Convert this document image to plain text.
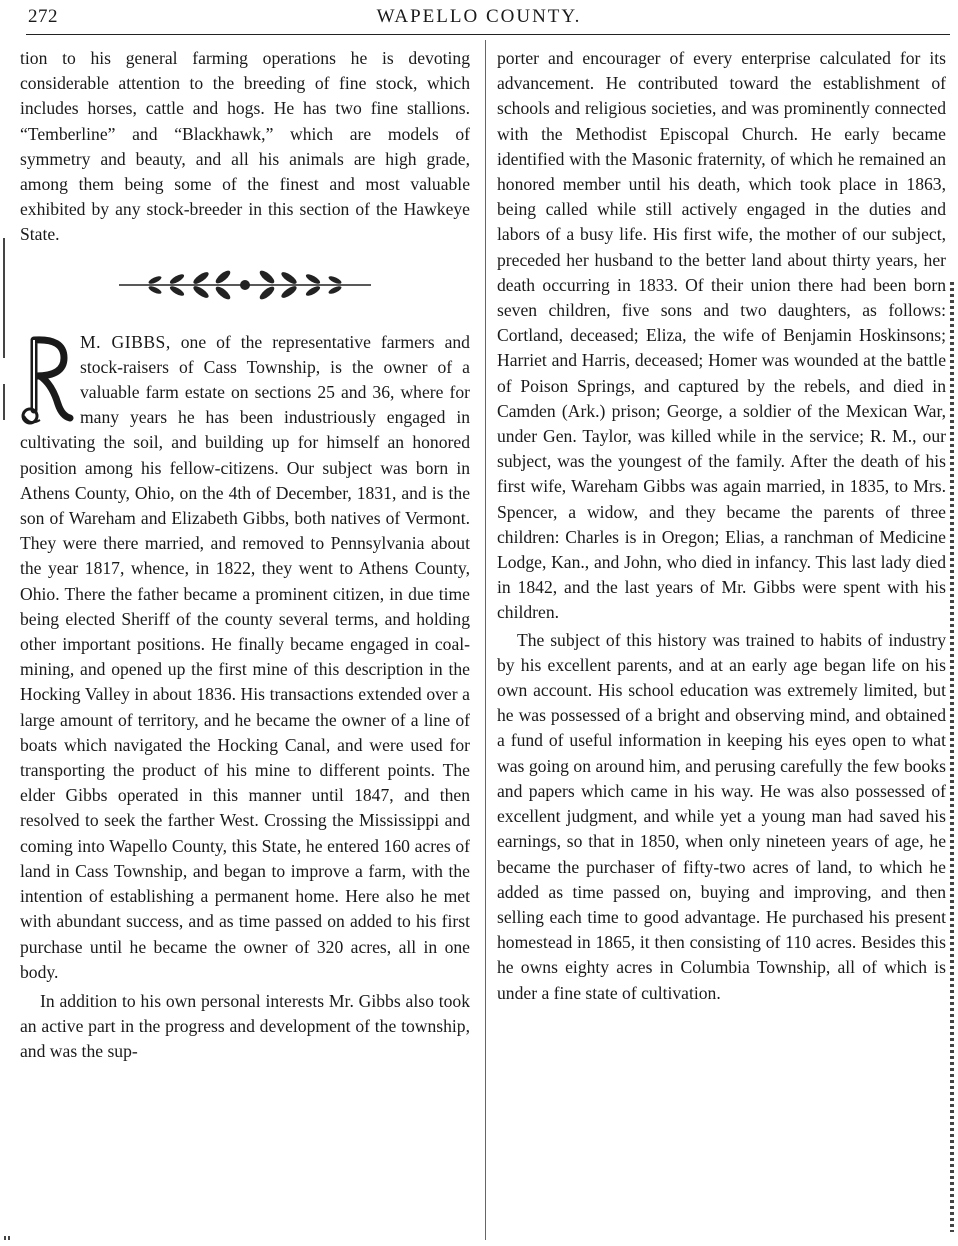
272	WAPELLO COUNTY.

tion to his general farming operations he is devoting considerable attention to the breeding of fine stock, which includes horses, cattle and hogs. He has two fine stallions. “Temberline” and “Blackhawk,” which are models of symmetry and beauty, and all his animals are high grade, among them being some of the finest and most valuable exhibited by any stock-breeder in this section of the Hawkeye State.

M. GIBBS, one of the representative farmers and stock-raisers of Cass Township, is the owner of a valuable farm estate on sections 25 and 36, where for many years he has been industriously engaged in cultivating the soil, and building up for himself an honored position among his fellow-citizens. Our subject was born in Athens County, Ohio, on the 4th of December, 1831, and is the son of Wareham and Elizabeth Gibbs, both natives of Vermont. They were there married, and removed to Pennsylvania about the year 1817, whence, in 1822, they went to Athens County, Ohio. There the father became a prominent citizen, in due time being elected Sheriff of the county several terms, and holding other important positions. He finally became engaged in coal-mining, and opened up the first mine of this description in the Hocking Valley in about 1836. His transactions extended over a large amount of territory, and he became the owner of a line of boats which navigated the Hocking Canal, and were used for transporting the product of his mine to different points. The elder Gibbs operated in this manner until 1847, and then resolved to seek the farther West. Crossing the Mississippi and coming into Wapello County, this State, he entered 160 acres of land in Cass Township, and began to improve a farm, with the intention of establishing a permanent home. Here also he met with abundant success, and as time passed on added to his first purchase until he became the owner of 320 acres, all in one body.

In addition to his own personal interests Mr. Gibbs also took an active part in the progress and development of the township, and was the sup-

porter and encourager of every enterprise calculated for its advancement. He contributed toward the establishment of schools and religious societies, and was prominently connected with the Methodist Episcopal Church. He early became identified with the Masonic fraternity, of which he remained an honored member until his death, which took place in 1863, being called while still actively engaged in the duties and labors of a busy life. His first wife, the mother of our subject, preceded her husband to the better land about thirty years, her death occurring in 1833. Of their union there had been born seven children, five sons and two daughters, as follows: Cortland, deceased; Eliza, the wife of Benjamin Hoskinsons; Harriet and Harris, deceased; Homer was wounded at the battle of Poison Springs, and captured by the rebels, and died in Camden (Ark.) prison; George, a soldier of the Mexican War, under Gen. Taylor, was killed while in the service; R. M., our subject, was the youngest of the family. After the death of his first wife, Wareham Gibbs was again married, in 1835, to Mrs. Spencer, a widow, and they became the parents of three children: Charles is in Oregon; Elias, a ranchman of Medicine Lodge, Kan., and John, who died in infancy. This last lady died in 1842, and the last years of Mr. Gibbs were spent with his children.

The subject of this history was trained to habits of industry by his excellent parents, and at an early age began life on his own account. His school education was extremely limited, but he was possessed of a bright and observing mind, and obtained a fund of useful information in keeping his eyes open to what was going on around him, and perusing carefully the few books and papers which came in his way. He was also possessed of excellent judgment, and while yet a young man had saved his earnings, so that in 1850, when only nineteen years of age, he became the purchaser of fifty-two acres of land, to which he added as time passed on, buying and improving, and then selling each time to good advantage. He purchased his present homestead in 1865, it then consisting of 110 acres. Besides this he owns eighty acres in Columbia Township, all of which is under a fine state of cultivation.
